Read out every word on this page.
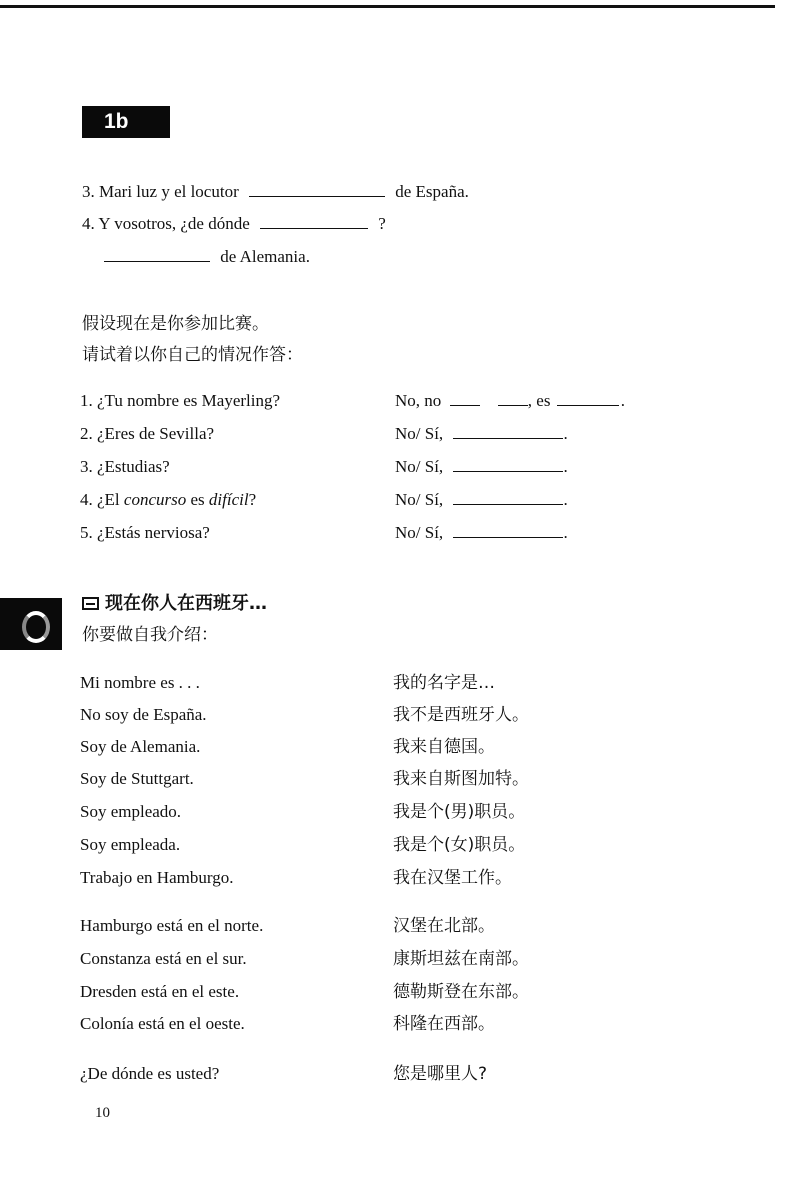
1b
3. Mari luz y el locutor	de España.
4. Y vosotros, ¿de dónde	?
de Alemania.
假设现在是你参加比赛。
请试着以你自己的情况作答：
1. ¿Tu nombre es Mayerling?	No, no	, es	.
2. ¿Eres de Sevilla?	No/ Sí,	.
3. ¿Estudias?	No/ Sí,	.
4. ¿El concurso es difícil?	No/ Sí,	.
5. ¿Estás nerviosa?	No/ Sí,	.
现在你人在西班牙…
你要做自我介绍：
Mi nombre es . . .	我的名字是…
No soy de España.	我不是西班牙人。
Soy de Alemania.	我来自德国。
Soy de Stuttgart.	我来自斯图加特。
Soy empleado.	我是个(男)职员。
Soy empleada.	我是个(女)职员。
Trabajo en Hamburgo.	我在汉堡工作。
Hamburgo está en el norte.	汉堡在北部。
Constanza está en el sur.	康斯坦兹在南部。
Dresden está en el este.	德勒斯登在东部。
Colonía está en el oeste.	科隆在西部。
¿De dónde es usted?	您是哪里人?
10
